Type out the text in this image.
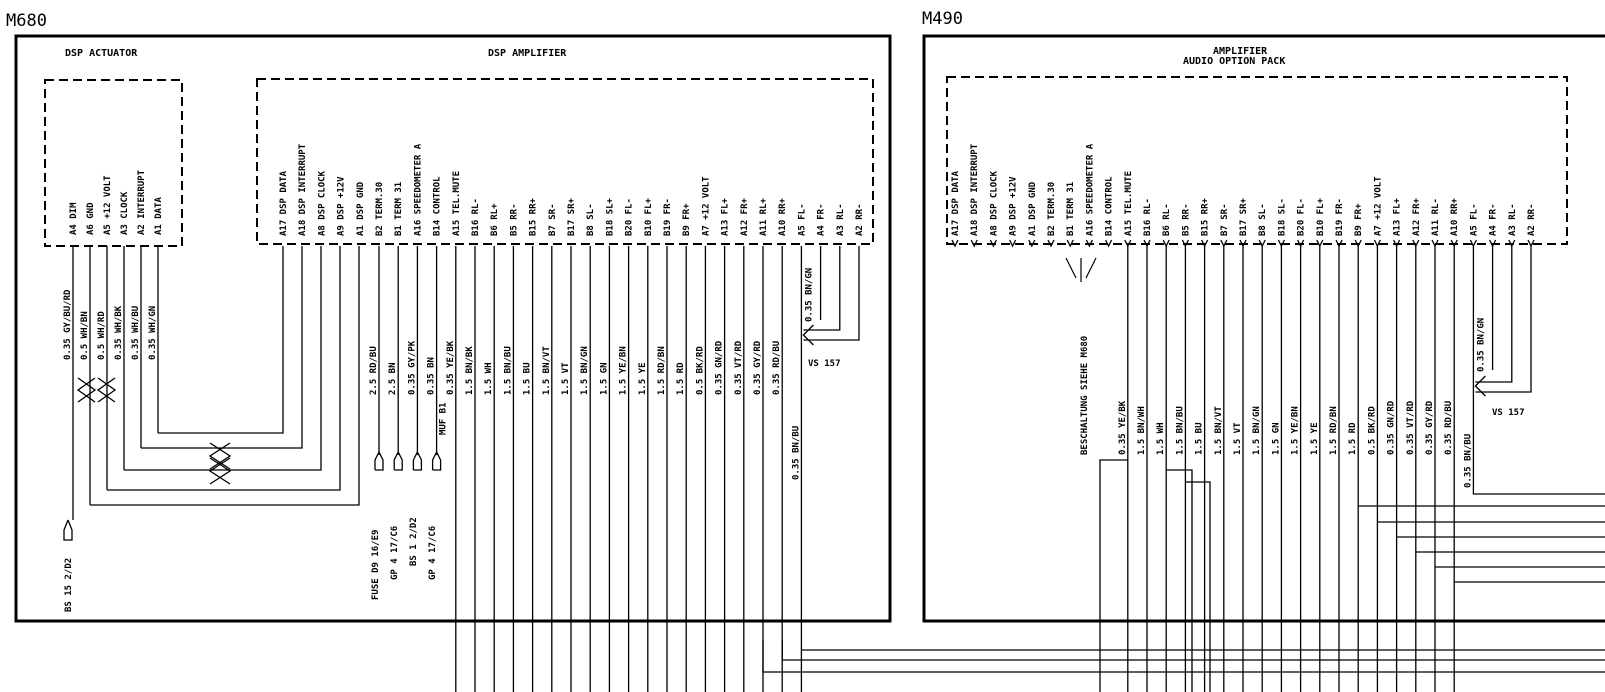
M680	M490
DSP ACTUATOR	DSP AMPLIFIER	AMPLIFIER
AUDIO OPTION PACK
VS 157
VS 157
BESCHALTUNG SIEHE M680
BS 15 2/D2	FUSE D9 16/E9 GP 4 17/C6 BS 1 2/D2 GP 4 17/C6
A4 DIM A6 GND A5 +12 VOLT A3 CLOCK A2 INTERRUPT A1 DATA
0.35 GY/BU/RD 0.5 WH/BN 0.5 WH/RD 0.35 WH/BK 0.35 WH/BU 0.35 WH/GN
A17 DSP DATA A18 DSP INTERRUPT A8 DSP CLOCK A9 DSP +12V A1 DSP GND B2 TERM.30 B1 TERM 31 A16 SPEEDOMETER A B14 CONTROL A15 TEL.MUTE B16 RL- B6 RL+ B5 RR- B15 RR+ B7 SR- B17 SR+ B8 SL- B18 SL+ B20 FL- B10 FL+ B19 FR- B9 FR+ A7 +12 VOLT A13 FL+ A12 FR+ A11 RL+ A10 RR+ A5 FL- A4 FR- A3 RL- A2 RR-
2.5 RD/BU 2.5 BN 0.35 GY/PK 0.35 BN
MUF B1
0.35 YE/BK 1.5 BN/BK 1.5 WH 1.5 BN/BU 1.5 BU 1.5 BN/VT 1.5 VT 1.5 BN/GN 1.5 GN 1.5 YE/BN 1.5 YE 1.5 RD/BN 1.5 RD 0.5 BK/RD 0.35 GN/RD 0.35 VT/RD 0.35 GY/RD 0.35 RD/BU
0.35 BN/GN
0.35 BN/BU
A17 DSP DATA A18 DSP INTERRUPT A8 DSP CLOCK A9 DSP +12V A1 DSP GND B2 TERM.30 B1 TERM 31 A16 SPEEDOMETER A B14 CONTROL A15 TEL.MUTE B16 RL- B6 RL- B5 RR- B15 RR+ B7 SR- B17 SR+ B8 SL- B18 SL- B20 FL- B10 FL+ B19 FR- B9 FR+ A7 +12 VOLT A13 FL+ A12 FR+ A11 RL- A10 RR+ A5 FL- A4 FR- A3 RL- A2 RR-
0.35 YE/BK 1.5 BN/WH 1.5 WH 1.5 BN/BU 1.5 BU 1.5 BN/VT 1.5 VT 1.5 BN/GN 1.5 GN 1.5 YE/BN 1.5 YE 1.5 RD/BN 1.5 RD 0.5 BK/RD 0.35 GN/RD 0.35 VT/RD 0.35 GY/RD 0.35 RD/BU
0.35 BN/GN
0.35 BN/BU
